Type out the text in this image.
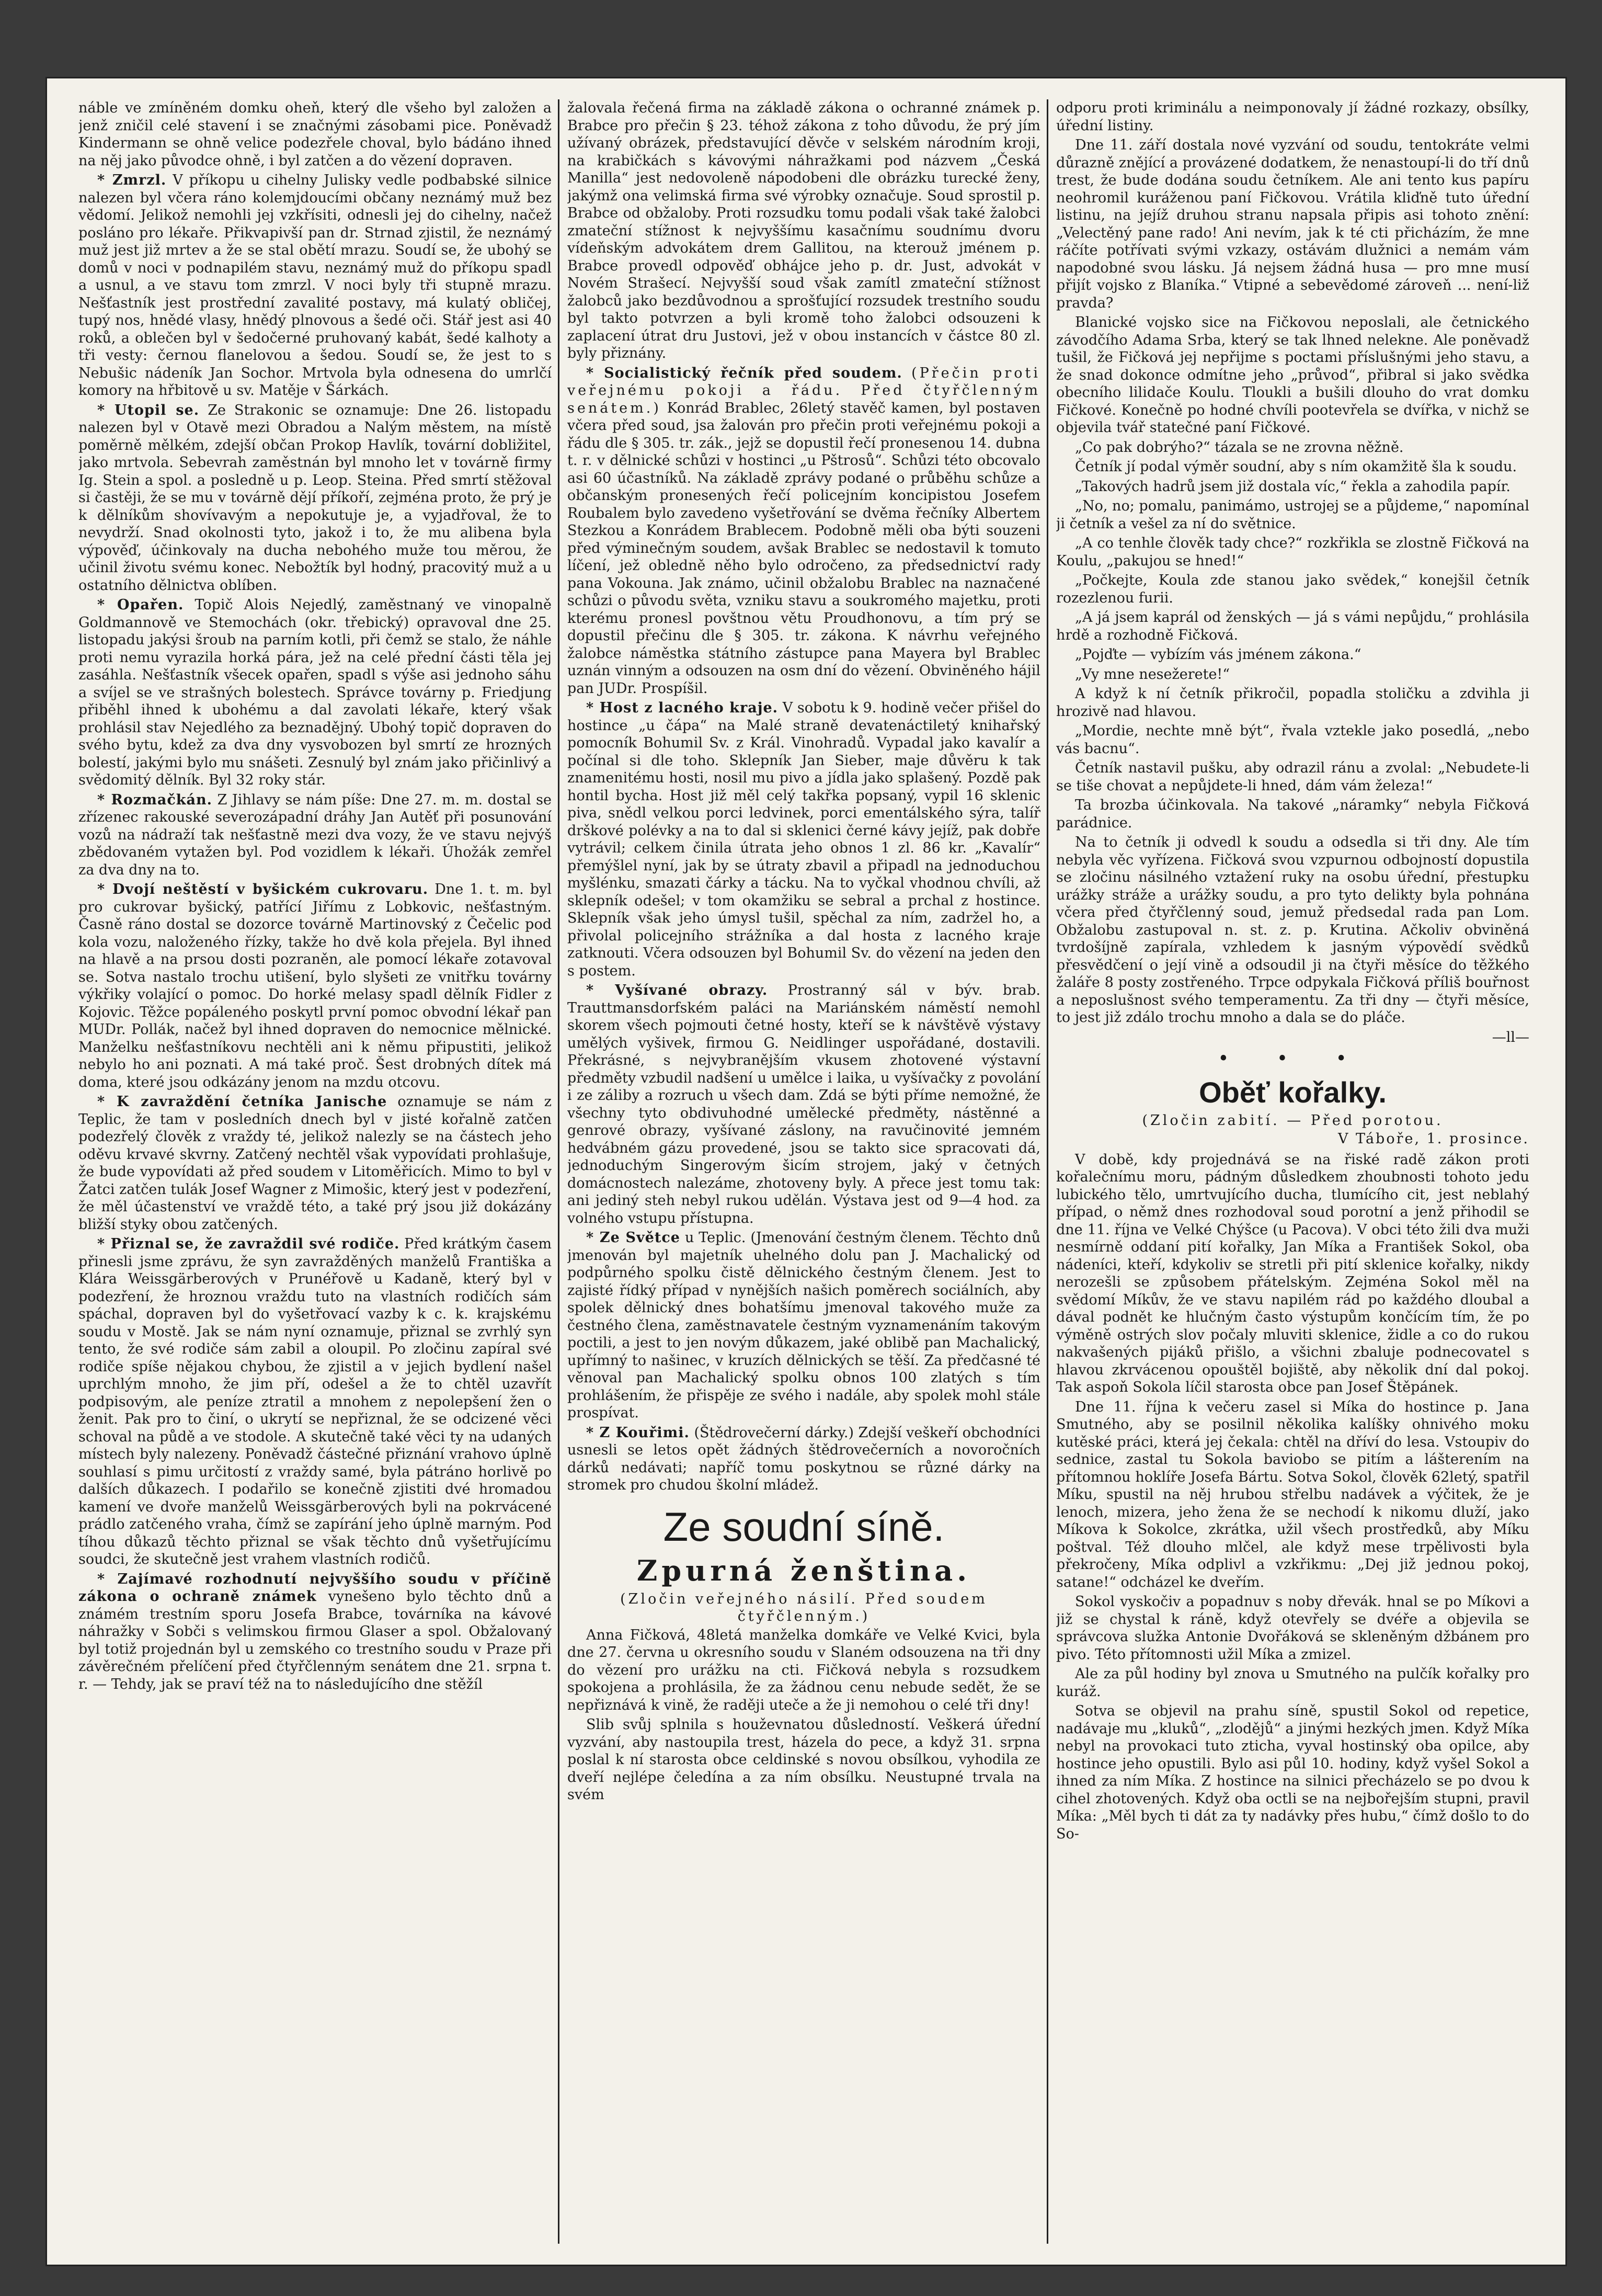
náble ve zmíněném domku oheň, který dle všeho byl založen a jenž zničil celé stavení i se značnými zásobami pice. Poněvadž Kindermann se ohně velice podezřele choval, bylo bádáno ihned na něj jako původce ohně, i byl zatčen a do vězení dopraven.

* Zmrzl. V příkopu u cihelny Julisky vedle podbabské silnice nalezen byl včera ráno kolemjdoucími občany neznámý muž bez vědomí. Jelikož nemohli jej vzkřísiti, odnesli jej do cihelny, načež posláno pro lékaře. Přikvapivší pan dr. Strnad zjistil, že neznámý muž jest již mrtev a že se stal obětí mrazu. Soudí se, že ubohý se domů v noci v podnapilém stavu, neznámý muž do příkopu spadl a usnul, a ve stavu tom zmrzl. V noci byly tři stupně mrazu. Nešťastník jest prostřední zavalité postavy, má kulatý obličej, tupý nos, hnědé vlasy, hnědý plnovous a šedé oči. Stář jest asi 40 roků, a oblečen byl v šedočerné pruhovaný kabát, šedé kalhoty a tři vesty: černou flanelovou a šedou. Soudí se, že jest to s Nebušic nádeník Jan Sochor. Mrtvola byla odnesena do umrlčí komory na hřbitově u sv. Matěje v Šárkách.

* Utopil se. Ze Strakonic se oznamuje: Dne 26. listopadu nalezen byl v Otavě mezi Obradou a Nalým městem, na místě poměrně mělkém, zdejší občan Prokop Havlík, tovární dobližitel, jako mrtvola. Sebevrah zaměstnán byl mnoho let v továrně firmy Ig. Stein a spol. a posledně u p. Leop. Steina. Před smrtí stěžoval si častěji, že se mu v továrně dějí příkoří, zejména proto, že prý je k dělníkům shovívavým a nepokutuje je, a vyjadřoval, že to nevydrží. Snad okolnosti tyto, jakož i to, že mu alibena byla výpověď, účinkovaly na ducha nebohého muže tou měrou, že učinil životu svému konec. Nebožtík byl hodný, pracovitý muž a u ostatního dělnictva oblíben.

* Opařen. Topič Alois Nejedlý, zaměstnaný ve vinopalně Goldmannově ve Stemochách (okr. třebický) opravoval dne 25. listopadu jakýsi šroub na parním kotli, při čemž se stalo, že náhle proti nemu vyrazila horká pára, jež na celé přední části těla jej zasáhla. Nešťastník všecek opařen, spadl s výše asi jednoho sáhu a svíjel se ve strašných bolestech. Správce továrny p. Friedjung přiběhl ihned k ubohému a dal zavolati lékaře, který však prohlásil stav Nejedlého za beznadějný. Ubohý topič dopraven do svého bytu, kdež za dva dny vysvobozen byl smrtí ze hrozných bolestí, jakými bylo mu snášeti. Zesnulý byl znám jako přičinlivý a svědomitý dělník. Byl 32 roky stár.

* Rozmačkán. Z Jihlavy se nám píše: Dne 27. m. m. dostal se zřízenec rakouské severozápadní dráhy Jan Autěť při posunování vozů na nádraží tak nešťastně mezi dva vozy, že ve stavu nejvýš zbědovaném vytažen byl. Pod vozidlem k lékaři. Úhožák zemřel za dva dny na to.

* Dvojí neštěstí v byšickém cukrovaru. Dne 1. t. m. byl pro cukrovar byšický, patřící Jiřímu z Lobkovic, nešťastným. Časně ráno dostal se dozorce továrně Martinovský z Čečelic pod kola vozu, naloženého řízky, takže ho dvě kola přejela. Byl ihned na hlavě a na prsou dosti pozraněn, ale pomocí lékaře zotavoval se. Sotva nastalo trochu utišení, bylo slyšeti ze vnitřku továrny výkřiky volající o pomoc. Do horké melasy spadl dělník Fidler z Kojovic. Těžce popáleného poskytl první pomoc obvodní lékař pan MUDr. Pollák, načež byl ihned dopraven do nemocnice mělnické. Manželku nešťastníkovu nechtěli ani k němu připustiti, jelikož nebylo ho ani poznati. A má také proč. Šest drobných dítek má doma, které jsou odkázány jenom na mzdu otcovu.

* K zavraždění četníka Janische oznamuje se nám z Teplic, že tam v posledních dnech byl v jisté kořalně zatčen podezřelý člověk z vraždy té, jelikož nalezly se na částech jeho oděvu krvavé skvrny. Zatčený nechtěl však vypovídati prohlašuje, že bude vypovídati až před soudem v Litoměřicích. Mimo to byl v Žatci zatčen tulák Josef Wagner z Mimošic, který jest v podezření, že měl účastenství ve vraždě této, a také prý jsou již dokázány bližší styky obou zatčených.

* Přiznal se, že zavraždil své rodiče. Před krátkým časem přinesli jsme zprávu, že syn zavražděných manželů Františka a Klára Weissgärberových v Prunéřově u Kadaně, který byl v podezření, že hroznou vraždu tuto na vlastních rodičích sám spáchal, dopraven byl do vyšetřovací vazby k c. k. krajskému soudu v Mostě. Jak se nám nyní oznamuje, přiznal se zvrhlý syn tento, že své rodiče sám zabil a oloupil. Po zločinu zapíral své rodiče spíše nějakou chybou, že zjistil a v jejich bydlení našel uprchlým mnoho, že jim pří, odešel a že to chtěl uzavřít podpisovým, ale peníze ztratil a mnohem z nepolepšení žen o ženit. Pak pro to činí, o ukrytí se nepřiznal, že se odcizené věci schoval na půdě a ve stodole. A skutečně také věci ty na udaných místech byly nalezeny. Poněvadž částečné přiznání vrahovo úplně souhlasí s pimu určitostí z vraždy samé, byla pátráno horlivě po dalších důkazech. I podařilo se konečně zjistiti dvé hromadou kamení ve dvoře manželů Weissgärberových byli na pokrvácené prádlo zatčeného vraha, čímž se zapírání jeho úplně marným. Pod tíhou důkazů těchto přiznal se však těchto dnů vyšetřujícímu soudci, že skutečně jest vrahem vlastních rodičů.

* Zajímavé rozhodnutí nejvyššího soudu v příčině zákona o ochraně známek vynešeno bylo těchto dnů a známém trestním sporu Josefa Brabce, továrníka na kávové náhražky v Sobči s velimskou firmou Glaser a spol. Obžalovaný byl totiž projednán byl u zemského co trestního soudu v Praze při závěrečném přelíčení před čtyřčlenným senátem dne 21. srpna t. r. — Tehdy, jak se praví též na to následujícího dne stěžíl

žalovala řečená firma na základě zákona o ochranné známek p. Brabce pro přečin § 23. téhož zákona z toho důvodu, že prý jím užívaný obrázek, představující děvče v selském národním kroji, na krabičkách s kávovými náhražkami pod názvem „Česká Manilla“ jest nedovoleně nápodobeni dle obrázku turecké ženy, jakýmž ona velimská firma své výrobky označuje. Soud sprostil p. Brabce od obžaloby. Proti rozsudku tomu podali však také žalobci zmateční stížnost k nejvyššímu kasačnímu soudnímu dvoru vídeňským advokátem drem Gallitou, na kterouž jménem p. Brabce provedl odpověď obhájce jeho p. dr. Just, advokát v Novém Strašecí. Nejvyšší soud však zamítl zmateční stížnost žalobců jako bezdůvodnou a sprošťující rozsudek trestního soudu byl takto potvrzen a byli kromě toho žalobci odsouzeni k zaplacení útrat dru Justovi, jež v obou instancích v částce 80 zl. byly přiznány.

* Socialistický řečník před soudem. (Přečin proti veřejnému pokoji a řádu. Před čtyřčlenným senátem.) Konrád Brablec, 26letý stavěč kamen, byl postaven včera před soud, jsa žalován pro přečin proti veřejnému pokoji a řádu dle § 305. tr. zák., jejž se dopustil řečí pronesenou 14. dubna t. r. v dělnické schůzi v hostinci „u Pštrosů“. Schůzi této obcovalo asi 60 účastníků. Na základě zprávy podané o průběhu schůze a občanským pronesených řečí policejním koncipistou Josefem Roubalem bylo zavedeno vyšetřování se dvěma řečníky Albertem Stezkou a Konrádem Brablecem. Podobně měli oba býti souzeni před výminečným soudem, avšak Brablec se nedostavil k tomuto líčení, jež obledně něho bylo odročeno, za předsednictví rady pana Vokouna. Jak známo, učinil obžalobu Brablec na naznačené schůzi o původu světa, vzniku stavu a soukromého majetku, proti kterému pronesl povštnou větu Proudhonovu, a tím prý se dopustil přečinu dle § 305. tr. zákona. K návrhu veřejného žalobce náměstka státního zástupce pana Mayera byl Brablec uznán vinným a odsouzen na osm dní do vězení. Obviněného hájil pan JUDr. Prospíšil.

* Host z lacného kraje. V sobotu k 9. hodině večer přišel do hostince „u čápa“ na Malé straně devatenáctiletý knihařský pomocník Bohumil Sv. z Král. Vinohradů. Vypadal jako kavalír a počínal si dle toho. Sklepník Jan Sieber, maje důvěru k tak znamenitému hosti, nosil mu pivo a jídla jako splašený. Pozdě pak hontil bycha. Host již měl celý takřka popsaný, vypil 16 sklenic piva, snědl velkou porci ledvinek, porci ementálského sýra, talíř drškové polévky a na to dal si sklenici černé kávy jejíž, pak dobře vytrávil; celkem činila útrata jeho obnos 1 zl. 86 kr. „Kavalír“ přemýšlel nyní, jak by se útraty zbavil a připadl na jednoduchou myšlénku, smazati čárky a tácku. Na to vyčkal vhodnou chvíli, až sklepník odešel; v tom okamžiku se sebral a prchal z hostince. Sklepník však jeho úmysl tušil, spěchal za ním, zadržel ho, a přivolal policejního strážníka a dal hosta z lacného kraje zatknouti. Včera odsouzen byl Bohumil Sv. do vězení na jeden den s postem.

* Vyšívané obrazy. Prostranný sál v býv. brab. Trauttmansdorfském paláci na Mariánském náměstí nemohl skorem všech pojmouti četné hosty, kteří se k návštěvě výstavy umělých vyšivek, firmou G. Neidlinger uspořádané, dostavili. Překrásné, s nejvybranějším vkusem zhotovené výstavní předměty vzbudil nadšení u umělce i laika, u vyšívačky z povolání i ze záliby a rozruch u všech dam. Zdá se býti příme nemožné, že všechny tyto obdivuhodné umělecké předměty, nástěnné a genrové obrazy, vyšívané záslony, na ravučinovité jemném hedvábném gázu provedené, jsou se takto sice spracovati dá, jednoduchým Singerovým šicím strojem, jaký v četných domácnostech nalezáme, zhotoveny byly. A přece jest tomu tak: ani jediný steh nebyl rukou udělán. Výstava jest od 9—4 hod. za volného vstupu přístupna.

* Ze Světce u Teplic. (Jmenování čestným členem. Těchto dnů jmenován byl majetník uhelného dolu pan J. Machalický od podpůrného spolku čistě dělnického čestným členem. Jest to zajisté řídký případ v nynějších našich poměrech sociálních, aby spolek dělnický dnes bohatšímu jmenoval takového muže za čestného člena, zaměstnavatele čestným vyznamenáním takovým poctili, a jest to jen novým důkazem, jaké oblibě pan Machalický, upřímný to našinec, v kruzích dělnických se těší. Za předčasné té věnoval pan Machalický spolku obnos 100 zlatých s tím prohlášením, že přispěje ze svého i nadále, aby spolek mohl stále prospívat.

* Z Kouřimi. (Štědrovečerní dárky.) Zdejší veškeří obchodníci usnesli se letos opět žádných štědrovečerních a novoročních dárků nedávati; napříč tomu poskytnou se různé dárky na stromek pro chudou školní mládež.

Ze soudní síně.
Zpurná ženština.

(Zločin veřejného násilí. Před soudem čtyřčlenným.)

Anna Fičková, 48letá manželka domkáře ve Velké Kvici, byla dne 27. června u okresního soudu v Slaném odsouzena na tři dny do vězení pro urážku na cti. Fičková nebyla s rozsudkem spokojena a prohlásila, že za žádnou cenu nebude sedět, že se nepřiznává k vině, že raději uteče a že ji nemohou o celé tři dny!

Slib svůj splnila s houževnatou důsledností. Veškerá úřední vyzvání, aby nastoupila trest, házela do pece, a když 31. srpna poslal k ní starosta obce celdinské s novou obsílkou, vyhodila ze dveří nejlépe čeledína a za ním obsílku. Neustupné trvala na svém

odporu proti kriminálu a neimponovaly jí žádné rozkazy, obsílky, úřední listiny.

Dne 11. září dostala nové vyzvání od soudu, tentokráte velmi důrazně znějící a provázené dodatkem, že nenastoupí-li do tří dnů trest, že bude dodána soudu četníkem. Ale ani tento kus papíru neohromil kuráženou paní Fičkovou. Vrátila kliďně tuto úřední listinu, na jejíž druhou stranu napsala připis asi tohoto znění: „Velectěný pane rado! Ani nevím, jak k té cti přicházím, že mne ráčíte potřívati svými vzkazy, ostávám dlužnici a nemám vám napodobné svou lásku. Já nejsem žádná husa — pro mne musí přijít vojsko z Blaníka.“ Vtipné a sebevědomé zároveň ... není-liž pravda?

Blanické vojsko sice na Fičkovou neposlali, ale četnického závodčího Adama Srba, který se tak lhned nelekne. Ale poněvadž tušil, že Fičková jej nepřijme s poctami příslušnými jeho stavu, a že snad dokonce odmítne jeho „průvod“, přibral si jako svědka obecního lilidače Koulu. Tloukli a bušili dlouho do vrat domku Fičkové. Konečně po hodné chvíli pootevřela se dvířka, v nichž se objevila tvář statečné paní Fičkové.

„Co pak dobrýho?“ tázala se ne zrovna něžně.

Četník jí podal výměr soudní, aby s ním okamžitě šla k soudu.

„Takových hadrů jsem již dostala víc,“ řekla a zahodila papír.

„No, no; pomalu, panimámo, ustrojej se a půjdeme,“ napomínal ji četník a vešel za ní do světnice.

„A co tenhle člověk tady chce?“ rozkřikla se zlostně Fičková na Koulu, „pakujou se hned!“

„Počkejte, Koula zde stanou jako svědek,“ konejšil četník rozezlenou furii.

„A já jsem kaprál od ženských — já s vámi nepůjdu,“ prohlásila hrdě a rozhodně Fičková.

„Pojďte — vybízím vás jménem zákona.“

„Vy mne nesežerete!“

A když k ní četník přikročil, popadla stoličku a zdvihla ji hrozivě nad hlavou.

„Mordie, nechte mně být“, řvala vztekle jako posedlá, „nebo vás bacnu“.

Četník nastavil pušku, aby odrazil ránu a zvolal: „Nebudete-li se tiše chovat a nepůjdete-li hned, dám vám železa!“

Ta brozba účinkovala. Na takové „náramky“ nebyla Fičková parádnice.

Na to četník ji odvedl k soudu a odsedla si tři dny. Ale tím nebyla věc vyřízena. Fičková svou vzpurnou odbojností dopustila se zločinu násilného vztažení ruky na osobu úřední, přestupku urážky stráže a urážky soudu, a pro tyto delikty byla pohnána včera před čtyřčlenný soud, jemuž předsedal rada pan Lom. Obžalobu zastupoval n. st. z. p. Krutina. Ačkoliv obviněná tvrdošíjně zapírala, vzhledem k jasným výpovědí svědků přesvědčení o její vině a odsoudil ji na čtyři měsíce do těžkého žaláře 8 posty zostřeného. Trpce odpykala Fičková příliš bouřnost a neposlušnost svého temperamentu. Za tři dny — čtyři měsíce, to jest již zdálo trochu mnoho a dala se do pláče.

—ll—

• • •

Oběť kořalky.

(Zločin zabití. — Před porotou.

V Táboře, 1. prosince.

V době, kdy projednává se na řiské radě zákon proti kořalečnímu moru, pádným důsledkem zhoubnosti tohoto jedu lubického tělo, umrtvujícího ducha, tlumícího cit, jest neblahý případ, o němž dnes rozhodoval soud porotní a jenž přihodil se dne 11. října ve Velké Chýšce (u Pacova). V obci této žili dva muži nesmírně oddaní pití kořalky, Jan Míka a František Sokol, oba nádeníci, kteří, kdykoliv se stretli při pití sklenice kořalky, nikdy nerozešli se způsobem přátelským. Zejména Sokol měl na svědomí Míkův, že ve stavu napilém rád po každého dloubal a dával podnět ke hlučným často výstupům končícím tím, že po výměně ostrých slov počaly mluviti sklenice, židle a co do rukou nakvašených pijáků přišlo, a všichni zbaluje podnecovatel s hlavou zkrvácenou opouštěl bojiště, aby několik dní dal pokoj. Tak aspoň Sokola líčil starosta obce pan Josef Štěpánek.

Dne 11. října k večeru zasel si Míka do hostince p. Jana Smutného, aby se posilnil několika kalíšky ohnivého moku kutěské práci, která jej čekala: chtěl na dříví do lesa. Vstoupiv do sednice, zastal tu Sokola baviobo se pitím a lášterením na přítomnou hoklíře Josefa Bártu. Sotva Sokol, člověk 62letý, spatřil Míku, spustil na něj hrubou střelbu nadávek a výčitek, že je lenoch, mizera, jeho žena že se nechodí k nikomu dluží, jako Míkova k Sokolce, zkrátka, užil všech prostředků, aby Míku poštval. Též dlouho mlčel, ale když mese trpělivosti byla překročeny, Míka odplivl a vzkřikmu: „Dej již jednou pokoj, satane!“ odcházel ke dveřím.

Sokol vyskočiv a popadnuv s noby dřevák. hnal se po Míkovi a již se chystal k ráně, když otevřely se dvéře a objevila se správcova služka Antonie Dvořáková se skleněným džbánem pro pivo. Této přítomnosti užil Míka a zmizel.

Ale za půl hodiny byl znova u Smutného na pulčík kořalky pro kuráž.

Sotva se objevil na prahu síně, spustil Sokol od repetice, nadávaje mu „kluků“, „zlodějů“ a jinými hezkých jmen. Když Míka nebyl na provokaci tuto zticha, vyval hostinský oba opilce, aby hostince jeho opustili. Bylo asi půl 10. hodiny, když vyšel Sokol a ihned za ním Míka. Z hostince na silnici přecházelo se po dvou k cihel zhotovených. Když oba octli se na nejbořejším stupni, pravil Míka: „Měl bych ti dát za ty nadávky přes hubu,“ čímž došlo to do So-
